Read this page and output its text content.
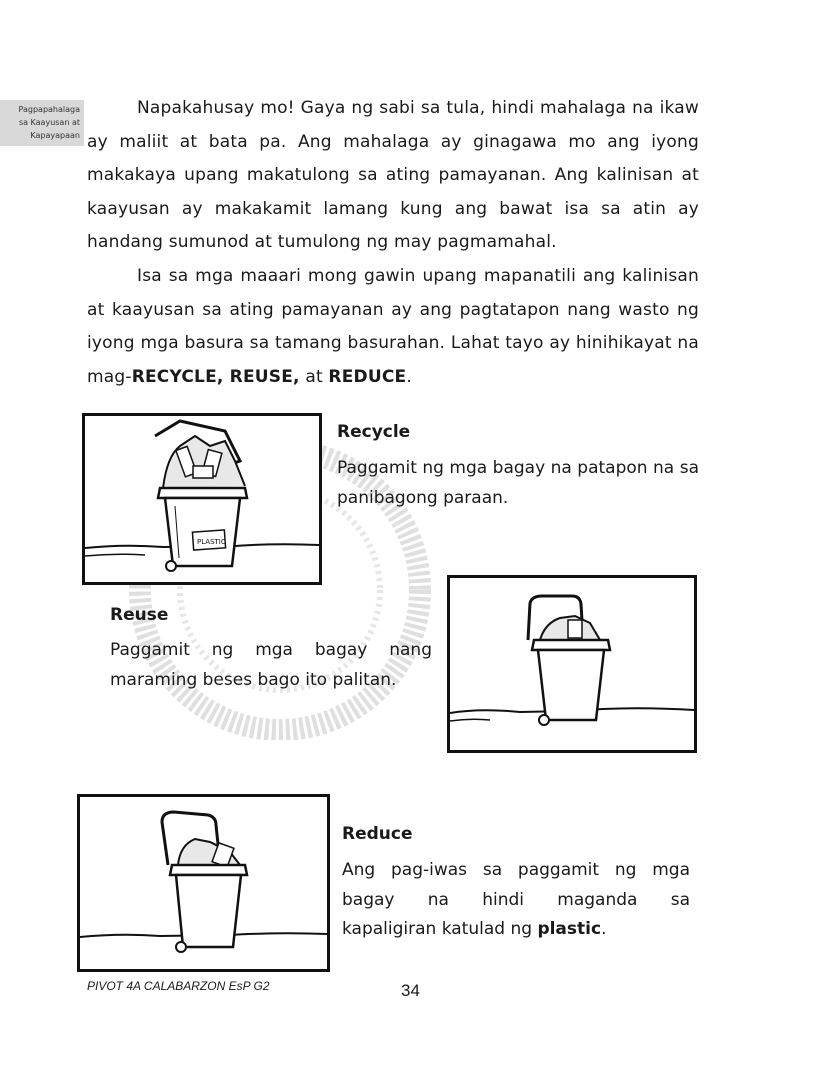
Pagpapahalaga
sa Kaayusan at
Kapayapaan
Napakahusay mo! Gaya ng sabi sa tula, hindi mahalaga na ikaw ay maliit at bata pa. Ang mahalaga ay ginagawa mo ang iyong makakaya upang makatulong sa ating pamayanan. Ang kalinisan at kaayusan ay makakamit lamang kung ang bawat isa sa atin ay handang sumunod at tumulong ng may pagmamahal.
Isa sa mga maaari mong gawin upang mapanatili ang kalinisan at kaayusan sa ating pamayanan ay ang pagtatapon nang wasto ng iyong mga basura sa tamang basurahan. Lahat tayo ay hinihikayat na mag-RECYCLE, REUSE, at REDUCE.
PLASTIC
Recycle
Paggamit ng mga bagay na patapon na sa panibagong paraan.
Reuse
Paggamit ng mga bagay nang maraming beses bago ito palitan.
Reduce
Ang pag-iwas sa paggamit ng mga
bagay na hindi maganda sa
kapaligiran katulad ng plastic.
PIVOT 4A CALABARZON EsP G2	34
